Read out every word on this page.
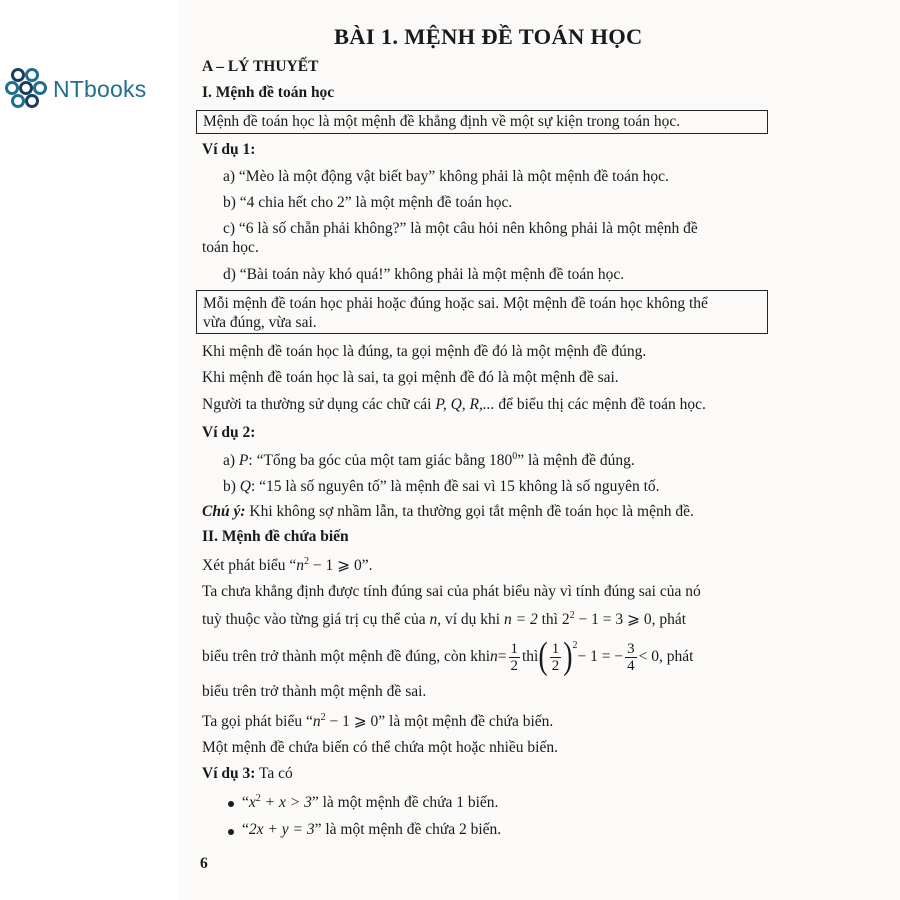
NTbooks
BÀI 1. MỆNH ĐỀ TOÁN HỌC
A – LÝ THUYẾT
I. Mệnh đề toán học
Mệnh đề toán học là một mệnh đề khẳng định về một sự kiện trong toán học.
Ví dụ 1:
a) “Mèo là một động vật biết bay” không phải là một mệnh đề toán học.
b) “4 chia hết cho 2” là một mệnh đề toán học.
c) “6 là số chẵn phải không?” là một câu hỏi nên không phải là một mệnh đề
toán học.
d) “Bài toán này khó quá!” không phải là một mệnh đề toán học.
Mỗi mệnh đề toán học phải hoặc đúng hoặc sai. Một mệnh đề toán học không thể
vừa đúng, vừa sai.
Khi mệnh đề toán học là đúng, ta gọi mệnh đề đó là một mệnh đề đúng.
Khi mệnh đề toán học là sai, ta gọi mệnh đề đó là một mệnh đề sai.
Người ta thường sử dụng các chữ cái P, Q, R,... để biểu thị các mệnh đề toán học.
Ví dụ 2:
a) P: “Tổng ba góc của một tam giác bằng $180^0$” là mệnh đề đúng.
b) Q: “15 là số nguyên tố” là mệnh đề sai vì 15 không là số nguyên tố.
Chú ý: Khi không sợ nhầm lẫn, ta thường gọi tắt mệnh đề toán học là mệnh đề.
II. Mệnh đề chứa biến
Xét phát biểu “$n^2 - 1$ ⩾ 0”.
Ta chưa khẳng định được tính đúng sai của phát biểu này vì tính đúng sai của nó
tuỳ thuộc vào từng giá trị cụ thể của n, ví dụ khi n = 2 thì $2^2 - 1 = 3$ ⩾ 0, phát
biểu trên trở thành một mệnh đề đúng, còn khi $n = \frac{1}{2}$ thì ( $\frac{1}{2} )^2$
− 1 = − $\frac{3}{4} < 0$, phát
biểu trên trở thành một mệnh đề sai.
Ta gọi phát biểu “$n^2 - 1$ ⩾ 0” là một mệnh đề chứa biến.
Một mệnh đề chứa biến có thể chứa một hoặc nhiều biến.
Ví dụ 3: Ta có
“$x^2 + x > 3$” là một mệnh đề chứa 1 biến.
“2x + y = 3” là một mệnh đề chứa 2 biến.
6
